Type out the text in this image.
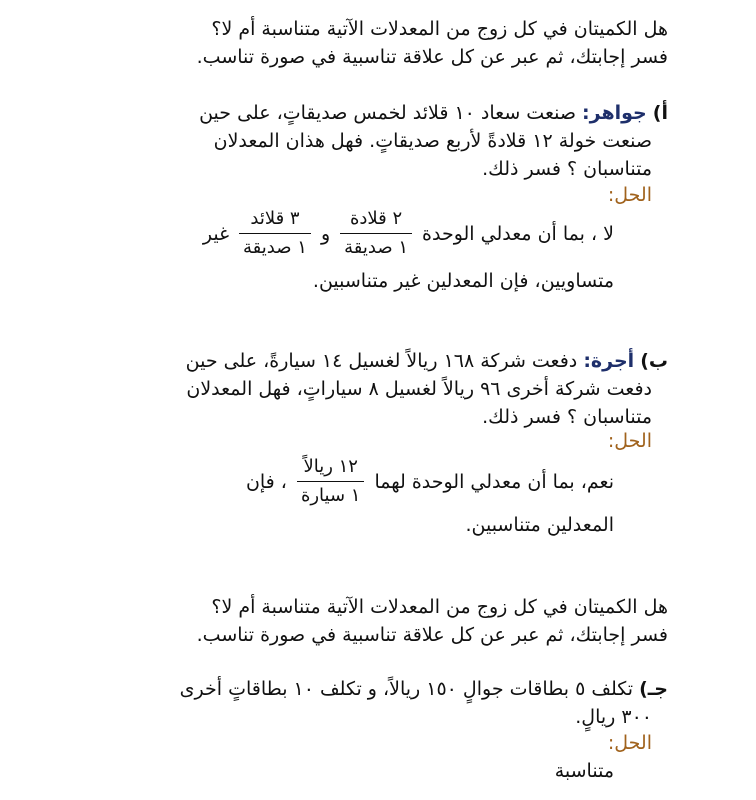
هل الكميتان في كل زوج من المعدلات الآتية متناسبة أم لا؟
فسر إجابتك، ثم عبر عن كل علاقة تناسبية في صورة تناسب.
أ) جواهر: صنعت سعاد ١٠ قلائد لخمس صديقاتٍ، على حين
صنعت خولة ١٢ قلادةً لأربع صديقاتٍ. فهل هذان المعدلان
متناسبان ؟ فسر ذلك.
الحل:
لا ، بما أن معدلي الوحدة
$\frac{\text{٢ قلادة}}{\text{١ صديقة}}$
و
$\frac{\text{٣ قلائد}}{\text{١ صديقة}}$
غير
متساويين، فإن المعدلين غير متناسبين.
ب) أجرة: دفعت شركة ١٦٨ ريالاً لغسيل ١٤ سيارةً، على حين
دفعت شركة أخرى ٩٦ ريالاً لغسيل ٨ سياراتٍ، فهل المعدلان
متناسبان ؟ فسر ذلك.
الحل:
نعم، بما أن معدلي الوحدة لهما
$\frac{\text{١٢ ريالاً}}{\text{١ سيارة}}$
، فإن
المعدلين متناسبين.
هل الكميتان في كل زوج من المعدلات الآتية متناسبة أم لا؟
فسر إجابتك، ثم عبر عن كل علاقة تناسبية في صورة تناسب.
جـ) تكلف ٥ بطاقات جوالٍ ١٥٠ ريالاً، و تكلف ١٠ بطاقاتٍ أخرى
٣٠٠ ريالٍ.
الحل:
متناسبة
